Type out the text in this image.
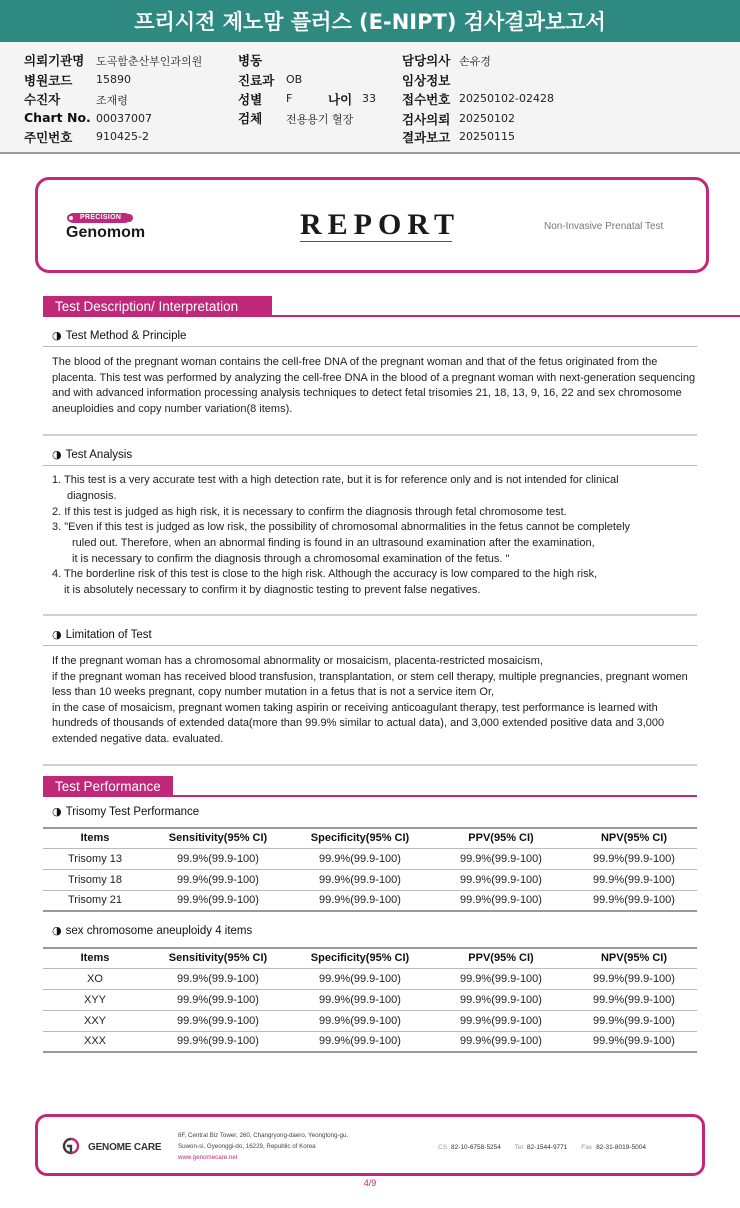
프리시전 제노맘 플러스 (E-NIPT) 검사결과보고서
의뢰기관명 도곡함춘산부인과의원
병원코드 15890
수진자	조재령
Chart No. 00037007
주민번호 910425-2
병동
진료과 OB
성별 F	나이 33
검체 전용용기 혈장
담당의사 손유경
임상정보
접수번호 20250102-02428
검사의뢰 20250102
결과보고 20250115
PRECISION
Genomom	REPORT	Non-Invasive Prenatal Test
Test Description/ Interpretation
◑ Test Method & Principle
The blood of the pregnant woman contains the cell-free DNA of the pregnant woman and that of the fetus originated from the placenta. This test was performed by analyzing the cell-free DNA in the blood of a pregnant woman with next-generation sequencing and with advanced information processing analysis techniques to detect fetal trisomies 21, 18, 13, 9, 16, 22 and sex chromosome aneuploidies and copy number variation(8 items).
◑ Test Analysis
1. This test is a very accurate test with a high detection rate, but it is for reference only and is not intended for clinical
diagnosis.
2. If this test is judged as high risk, it is necessary to confirm the diagnosis through fetal chromosome test.
3. "Even if this test is judged as low risk, the possibility of chromosomal abnormalities in the fetus cannot be completely
ruled out. Therefore, when an abnormal finding is found in an ultrasound examination after the examination,
it is necessary to confirm the diagnosis through a chromosomal examination of the fetus. "
4. The borderline risk of this test is close to the high risk. Although the accuracy is low compared to the high risk,
it is absolutely necessary to confirm it by diagnostic testing to prevent false negatives.
◑ Limitation of Test
If the pregnant woman has a chromosomal abnormality or mosaicism, placenta-restricted mosaicism,
if the pregnant woman has received blood transfusion, transplantation, or stem cell therapy, multiple pregnancies, pregnant women less than 10 weeks pregnant, copy number mutation in a fetus that is not a service item Or,
in the case of mosaicism, pregnant women taking aspirin or receiving anticoagulant therapy, test performance is learned with hundreds of thousands of extended data(more than 99.9% similar to actual data), and 3,000 extended positive data and 3,000 extended negative data. evaluated.
Test Performance
◑ Trisomy Test Performance
Items	Sensitivity(95% CI)	Specificity(95% CI)	PPV(95% CI)	NPV(95% CI)
Trisomy 13	99.9%(99.9-100)	99.9%(99.9-100)	99.9%(99.9-100)	99.9%(99.9-100)
Trisomy 18	99.9%(99.9-100)	99.9%(99.9-100)	99.9%(99.9-100)	99.9%(99.9-100)
Trisomy 21	99.9%(99.9-100)	99.9%(99.9-100)	99.9%(99.9-100)	99.9%(99.9-100)
◑ sex chromosome aneuploidy 4 items
Items	Sensitivity(95% CI)	Specificity(95% CI)	PPV(95% CI)	NPV(95% CI)
XO	99.9%(99.9-100)	99.9%(99.9-100)	99.9%(99.9-100)	99.9%(99.9-100)
XYY	99.9%(99.9-100)	99.9%(99.9-100)	99.9%(99.9-100)	99.9%(99.9-100)
XXY	99.9%(99.9-100)	99.9%(99.9-100)	99.9%(99.9-100)	99.9%(99.9-100)
XXX	99.9%(99.9-100)	99.9%(99.9-100)	99.9%(99.9-100)	99.9%(99.9-100)
GENOME CARE
8F, Central Biz Tower, 260, Changryong-daero, Yeongtong-gu,
Suwon-si, Gyeonggi-do, 16229, Republic of Korea
www.genomecare.net
CS 82-10-6758-5254 Tel 82-1544-9771 Fax 82-31-8019-5004
4/9
